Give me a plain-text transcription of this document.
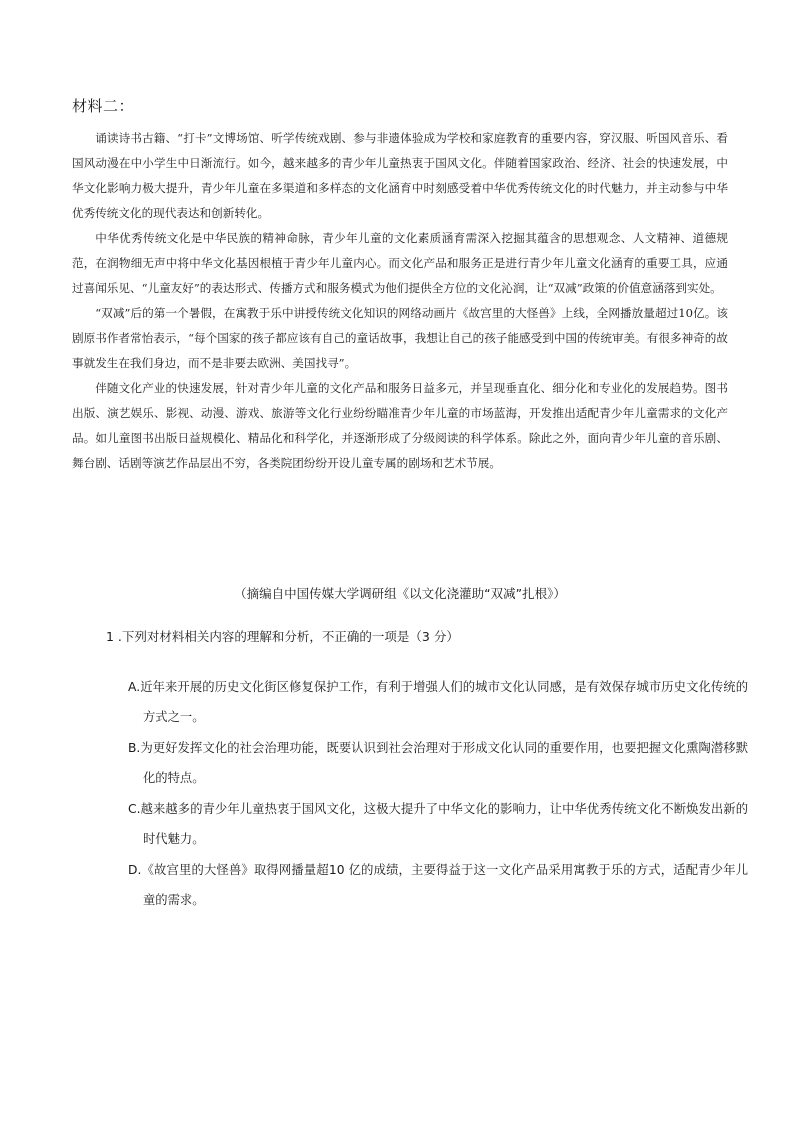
材料二：

诵读诗书古籍、“打卡”文博场馆、听学传统戏剧、参与非遗体验成为学校和家庭教育的重要内容，穿汉服、听国风音乐、看国风动漫在中小学生中日渐流行。如今，越来越多的青少年儿童热衷于国风文化。伴随着国家政治、经济、社会的快速发展，中华文化影响力极大提升，青少年儿童在多渠道和多样态的文化涵育中时刻感受着中华优秀传统文化的时代魅力，并主动参与中华优秀传统文化的现代表达和创新转化。

中华优秀传统文化是中华民族的精神命脉，青少年儿童的文化素质涵育需深入挖掘其蕴含的思想观念、人文精神、道德规范，在润物细无声中将中华文化基因根植于青少年儿童内心。而文化产品和服务正是进行青少年儿童文化涵育的重要工具，应通过喜闻乐见、“儿童友好”的表达形式、传播方式和服务模式为他们提供全方位的文化沁润，让“双减”政策的价值意涵落到实处。

“双减”后的第一个暑假，在寓教于乐中讲授传统文化知识的网络动画片《故宫里的大怪兽》上线，全网播放量超过10亿。该剧原书作者常怡表示，“每个国家的孩子都应该有自己的童话故事，我想让自己的孩子能感受到中国的传统审美。有很多神奇的故事就发生在我们身边，而不是非要去欧洲、美国找寻”。

伴随文化产业的快速发展，针对青少年儿童的文化产品和服务日益多元，并呈现垂直化、细分化和专业化的发展趋势。图书出版、演艺娱乐、影视、动漫、游戏、旅游等文化行业纷纷瞄准青少年儿童的市场蓝海，开发推出适配青少年儿童需求的文化产品。如儿童图书出版日益规模化、精品化和科学化，并逐渐形成了分级阅读的科学体系。除此之外，面向青少年儿童的音乐剧、舞台剧、话剧等演艺作品层出不穷，各类院团纷纷开设儿童专属的剧场和艺术节展。

（摘编自中国传媒大学调研组《以文化浇灌助“双减”扎根》）
1 .下列对材料相关内容的理解和分析，不正确的一项是（3 分）

A.近年来开展的历史文化街区修复保护工作，有利于增强人们的城市文化认同感，是有效保存城市历史文化传统的方式之一。

B.为更好发挥文化的社会治理功能，既要认识到社会治理对于形成文化认同的重要作用，也要把握文化熏陶潜移默化的特点。

C.越来越多的青少年儿童热衷于国风文化，这极大提升了中华文化的影响力，让中华优秀传统文化不断焕发出新的时代魅力。

D.《故宫里的大怪兽》取得网播量超10 亿的成绩，主要得益于这一文化产品采用寓教于乐的方式，适配青少年儿童的需求。
